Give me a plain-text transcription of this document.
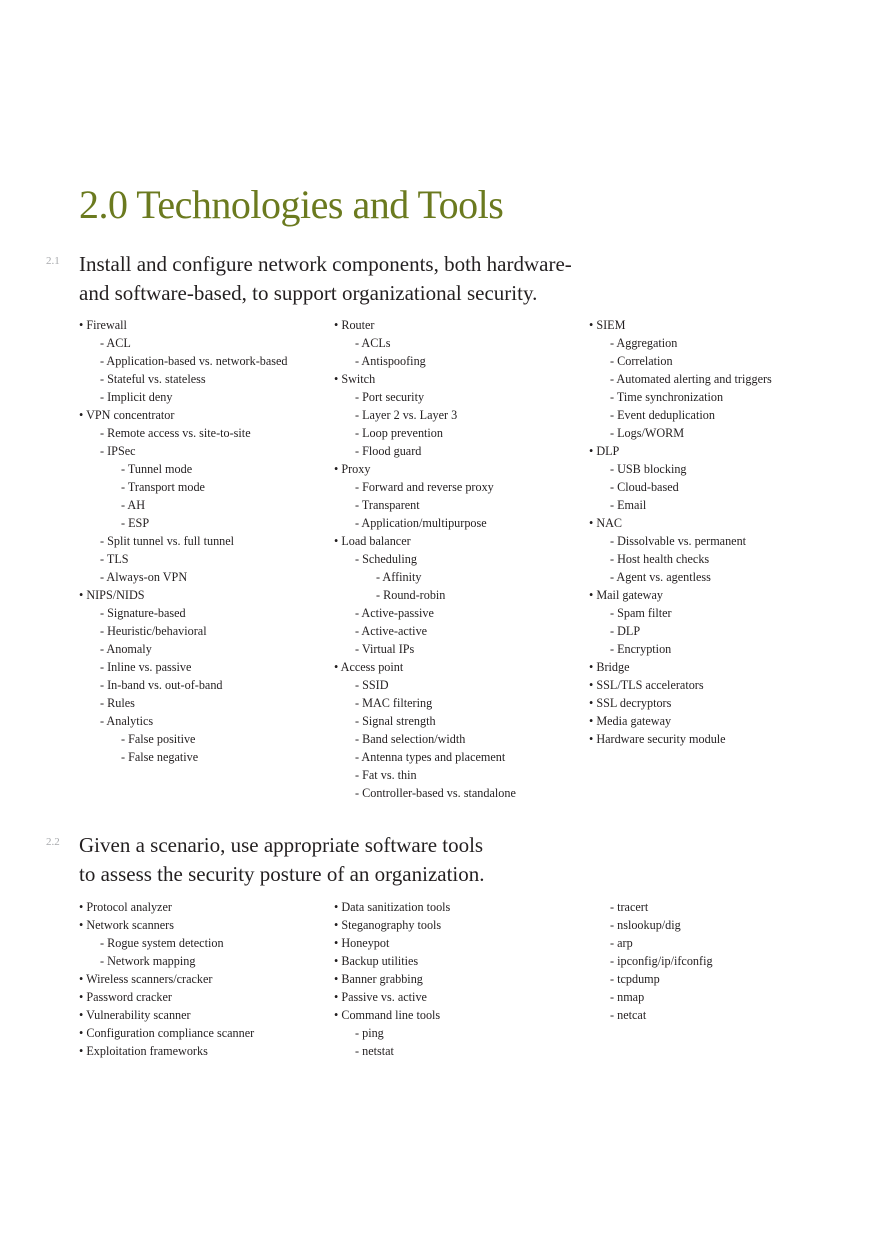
2.0 Technologies and Tools
2.1 Install and configure network components, both hardware-
and software-based, to support organizational security.
• Firewall
- ACL
- Application-based vs. network-based
- Stateful vs. stateless
- Implicit deny
• VPN concentrator
- Remote access vs. site-to-site
- IPSec
- Tunnel mode
- Transport mode
- AH
- ESP
- Split tunnel vs. full tunnel
- TLS
- Always-on VPN
• NIPS/NIDS
- Signature-based
- Heuristic/behavioral
- Anomaly
- Inline vs. passive
- In-band vs. out-of-band
- Rules
- Analytics
- False positive
- False negative
• Router
- ACLs
- Antispoofing
• Switch
- Port security
- Layer 2 vs. Layer 3
- Loop prevention
- Flood guard
• Proxy
- Forward and reverse proxy
- Transparent
- Application/multipurpose
• Load balancer
- Scheduling
- Affinity
- Round-robin
- Active-passive
- Active-active
- Virtual IPs
• Access point
- SSID
- MAC filtering
- Signal strength
- Band selection/width
- Antenna types and placement
- Fat vs. thin
- Controller-based vs. standalone
• SIEM
- Aggregation
- Correlation
- Automated alerting and triggers
- Time synchronization
- Event deduplication
- Logs/WORM
• DLP
- USB blocking
- Cloud-based
- Email
• NAC
- Dissolvable vs. permanent
- Host health checks
- Agent vs. agentless
• Mail gateway
- Spam filter
- DLP
- Encryption
• Bridge
• SSL/TLS accelerators
• SSL decryptors
• Media gateway
• Hardware security module
2.2 Given a scenario, use appropriate software tools
to assess the security posture of an organization.
• Protocol analyzer
• Network scanners
- Rogue system detection
- Network mapping
• Wireless scanners/cracker
• Password cracker
• Vulnerability scanner
• Configuration compliance scanner
• Exploitation frameworks
• Data sanitization tools
• Steganography tools
• Honeypot
• Backup utilities
• Banner grabbing
• Passive vs. active
• Command line tools
- ping
- netstat
- tracert
- nslookup/dig
- arp
- ipconfig/ip/ifconfig
- tcpdump
- nmap
- netcat
